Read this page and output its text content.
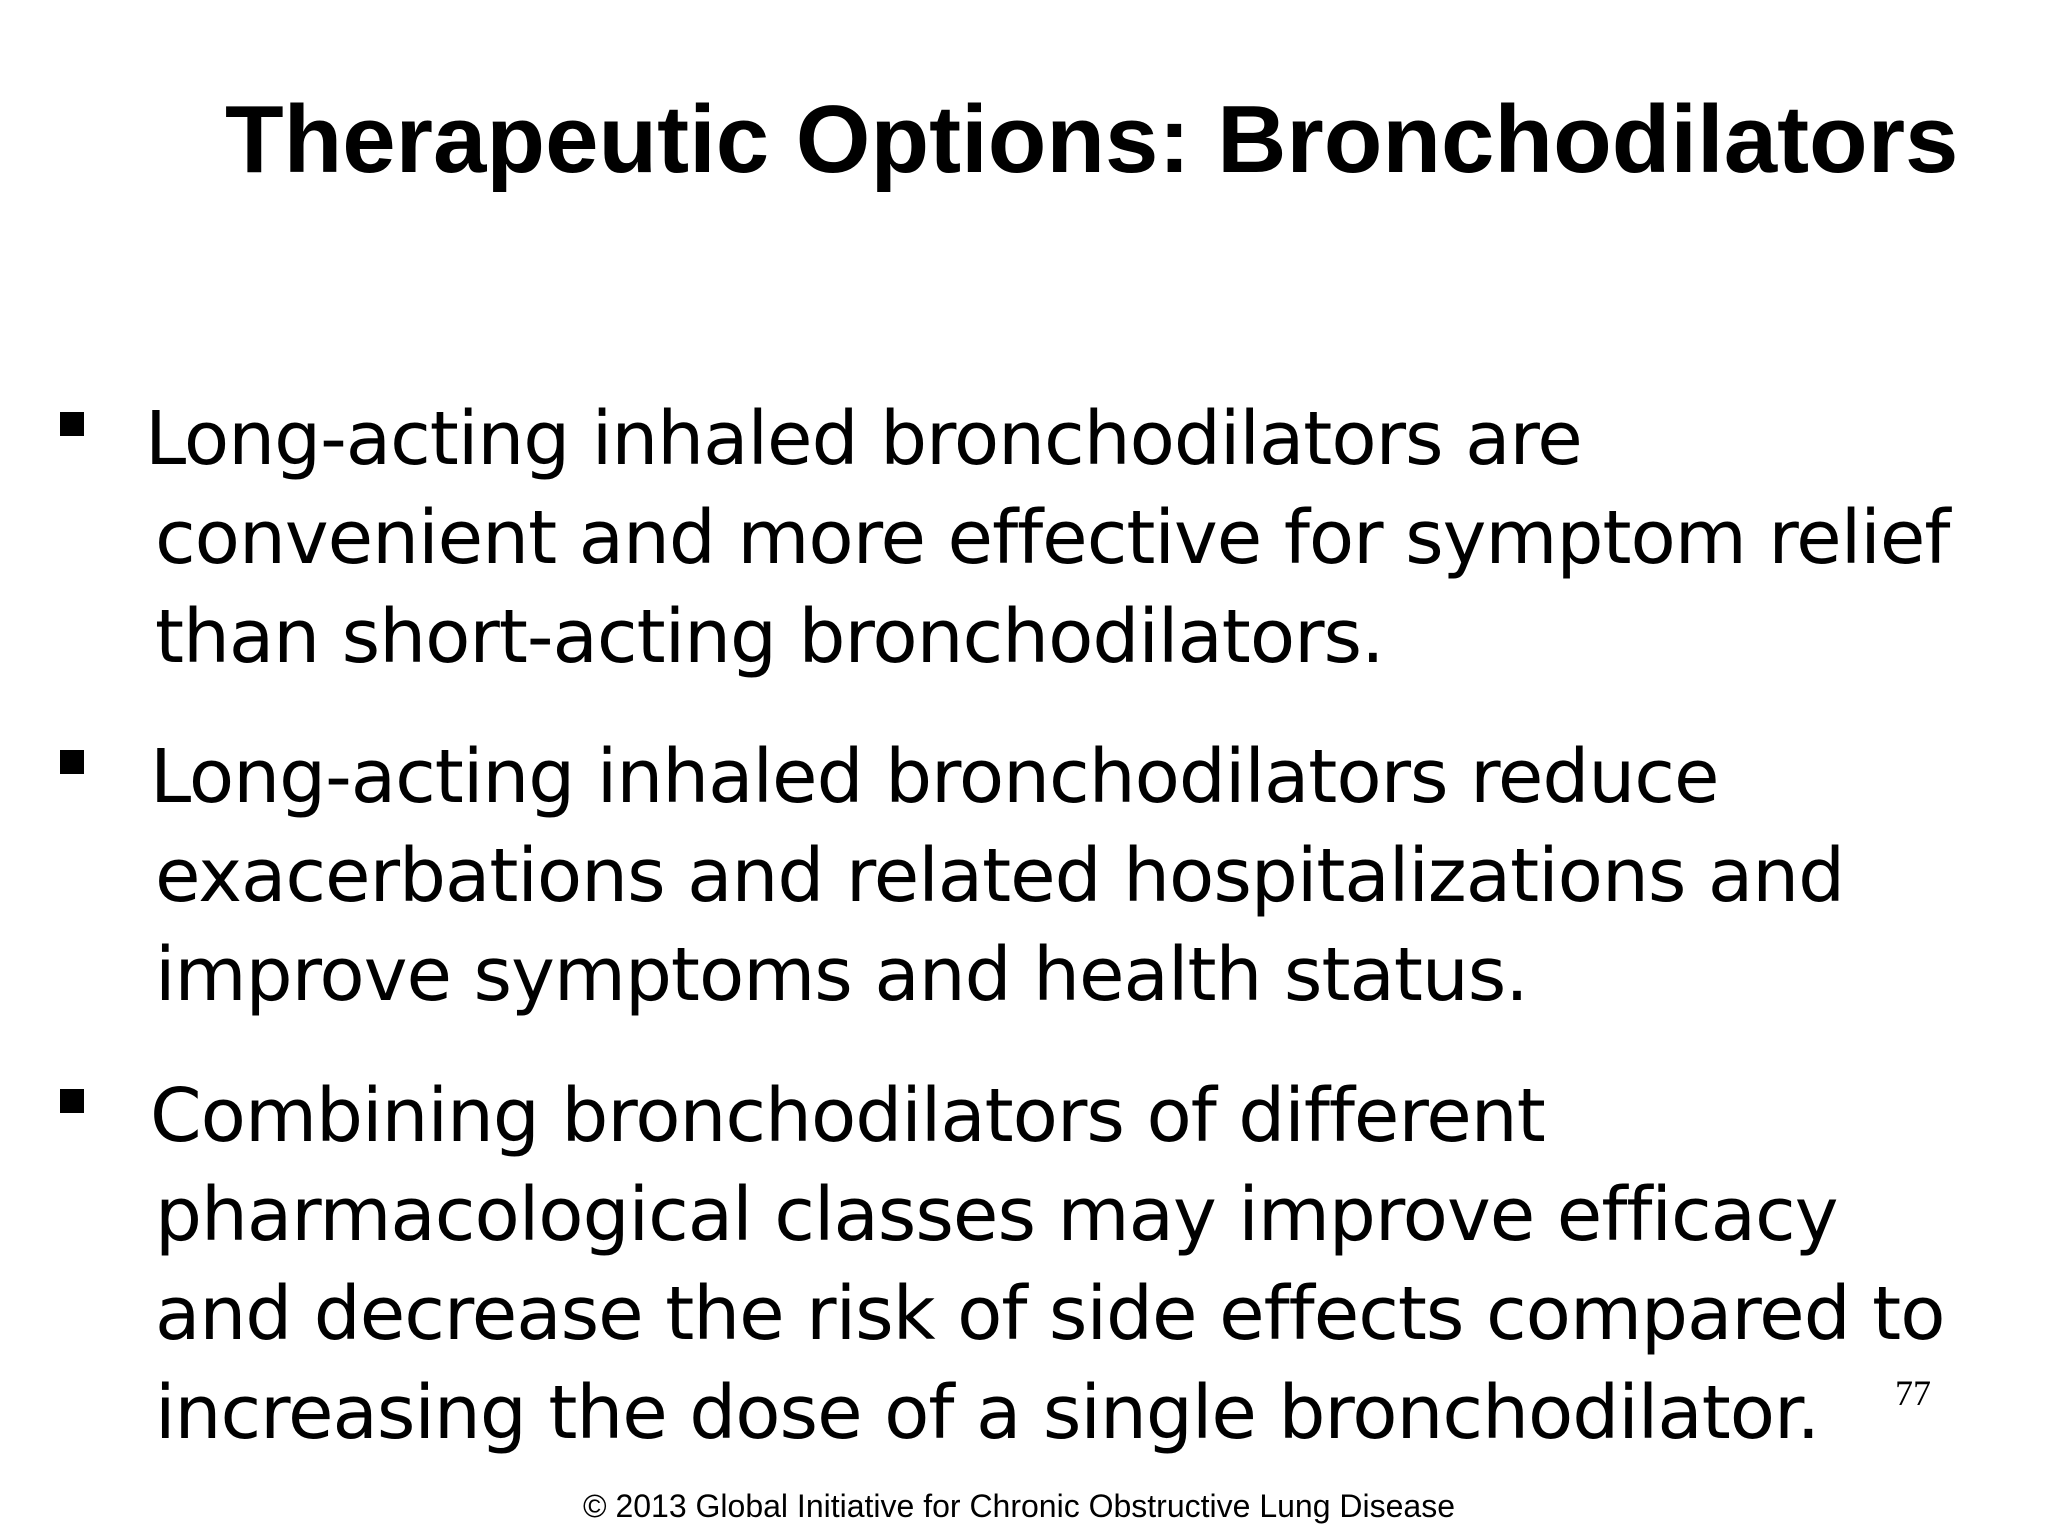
Therapeutic Options: Bronchodilators
Long-acting inhaled bronchodilators are convenient and more effective for symptom relief than short-acting bronchodilators.
Long-acting inhaled bronchodilators reduce exacerbations and related hospitalizations and improve symptoms and health status.
Combining bronchodilators of different pharmacological classes may improve efficacy and decrease the risk of side effects compared to increasing the dose of a single bronchodilator.	77
© 2013 Global Initiative for Chronic Obstructive Lung Disease
